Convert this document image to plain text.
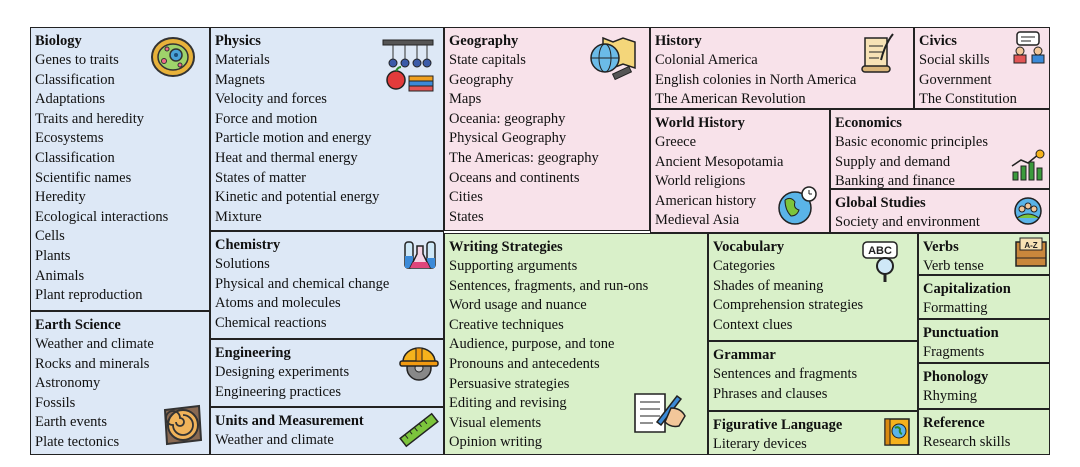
Biology
Genes to traits
Classification
Adaptations
Traits and heredity
Ecosystems
Classification
Scientific names
Heredity
Ecological interactions
Cells
Plants
Animals
Plant reproduction
Earth Science
Weather and climate
Rocks and minerals
Astronomy
Fossils
Earth events
Plate tectonics
Physics
Materials
Magnets
Velocity and forces
Force and motion
Particle motion and energy
Heat and thermal energy
States of matter
Kinetic and potential energy
Mixture
Chemistry
Solutions
Physical and chemical change
Atoms and molecules
Chemical reactions
Engineering
Designing experiments
Engineering practices
Units and Measurement
Weather and climate
Geography
State capitals
Geography
Maps
Oceania: geography
Physical Geography
The Americas: geography
Oceans and continents
Cities
States
History
Colonial America
English colonies in North America
The American Revolution
Civics
Social skills
Government
The Constitution
World History
Greece
Ancient Mesopotamia
World religions
American history
Medieval Asia
Economics
Basic economic principles
Supply and demand
Banking and finance
Global Studies
Society and environment
Writing Strategies
Supporting arguments
Sentences, fragments, and run-ons
Word usage and nuance
Creative techniques
Audience, purpose, and tone
Pronouns and antecedents
Persuasive strategies
Editing and revising
Visual elements
Opinion writing
Vocabulary
Categories
Shades of meaning
Comprehension strategies
Context clues
ABC
Grammar
Sentences and fragments
Phrases and clauses
Figurative Language
Literary devices
Verbs
Verb tense
A-Z
Capitalization
Formatting
Punctuation
Fragments
Phonology
Rhyming
Reference
Research skills
